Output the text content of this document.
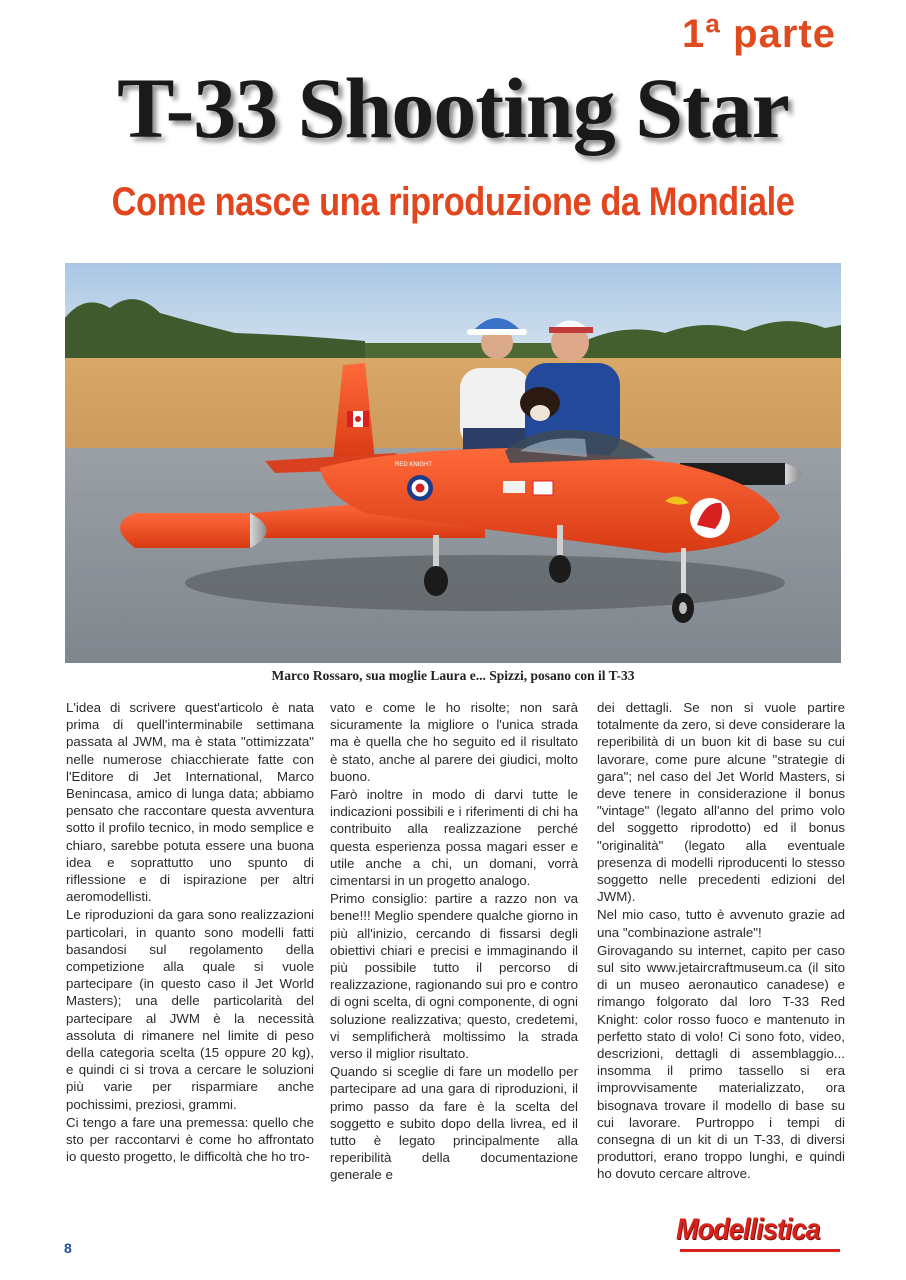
1ª parte
T-33 Shooting Star
Come nasce una riproduzione da Mondiale
RED KNIGHT
Marco Rossaro, sua moglie Laura e... Spizzi, posano con il T-33

L'idea di scrivere quest'articolo è nata prima di quell'interminabile settimana passata al JWM, ma è stata "ottimizzata" nelle numerose chiacchierate fatte con l'Editore di Jet International, Marco Benincasa, amico di lunga data; abbiamo pensato che raccontare questa avventura sotto il profilo tecnico, in modo semplice e chiaro, sarebbe potuta essere una buona idea e soprattutto uno spunto di riflessione e di ispirazione per altri aeromodellisti.

Le riproduzioni da gara sono realizzazioni particolari, in quanto sono modelli fatti basandosi sul regolamento della competizione alla quale si vuole partecipare (in questo caso il Jet World Masters); una delle particolarità del partecipare al JWM è la necessità assoluta di rimanere nel limite di peso della categoria scelta (15 oppure 20 kg), e quindi ci si trova a cercare le soluzioni più varie per risparmiare anche pochissimi, preziosi, grammi.

Ci tengo a fare una premessa: quello che sto per raccontarvi è come ho affrontato io questo progetto, le difficoltà che ho tro-

vato e come le ho risolte; non sarà sicuramente la migliore o l'unica strada ma è quella che ho seguito ed il risultato è stato, anche al parere dei giudici, molto buono.

Farò inoltre in modo di darvi tutte le indicazioni possibili e i riferimenti di chi ha contribuito alla realizzazione perché questa esperienza possa magari esser e utile anche a chi, un domani, vorrà cimentarsi in un progetto analogo.

Primo consiglio: partire a razzo non va bene!!! Meglio spendere qualche giorno in più all'inizio, cercando di fissarsi degli obiettivi chiari e precisi e immaginando il più possibile tutto il percorso di realizzazione, ragionando sui pro e contro di ogni scelta, di ogni componente, di ogni soluzione realizzativa; questo, credetemi, vi semplificherà moltissimo la strada verso il miglior risultato.

Quando si sceglie di fare un modello per partecipare ad una gara di riproduzioni, il primo passo da fare è la scelta del soggetto e subito dopo della livrea, ed il tutto è legato principalmente alla reperibilità della documentazione generale e

dei dettagli. Se non si vuole partire totalmente da zero, si deve considerare la reperibilità di un buon kit di base su cui lavorare, come pure alcune "strategie di gara"; nel caso del Jet World Masters, si deve tenere in considerazione il bonus "vintage" (legato all'anno del primo volo del soggetto riprodotto) ed il bonus "originalità" (legato alla eventuale presenza di modelli riproducenti lo stesso soggetto nelle precedenti edizioni del JWM).

Nel mio caso, tutto è avvenuto grazie ad una "combinazione astrale"!

Girovagando su internet, capito per caso sul sito www.jetaircraftmuseum.ca (il sito di un museo aeronautico canadese) e rimango folgorato dal loro T-33 Red Knight: color rosso fuoco e mantenuto in perfetto stato di volo! Ci sono foto, video, descrizioni, dettagli di assemblaggio... insomma il primo tassello si era improvvisamente materializzato, ora bisognava trovare il modello di base su cui lavorare. Purtroppo i tempi di consegna di un kit di un T-33, di diversi produttori, erano troppo lunghi, e quindi ho dovuto cercare altrove.

8
Modellistica
